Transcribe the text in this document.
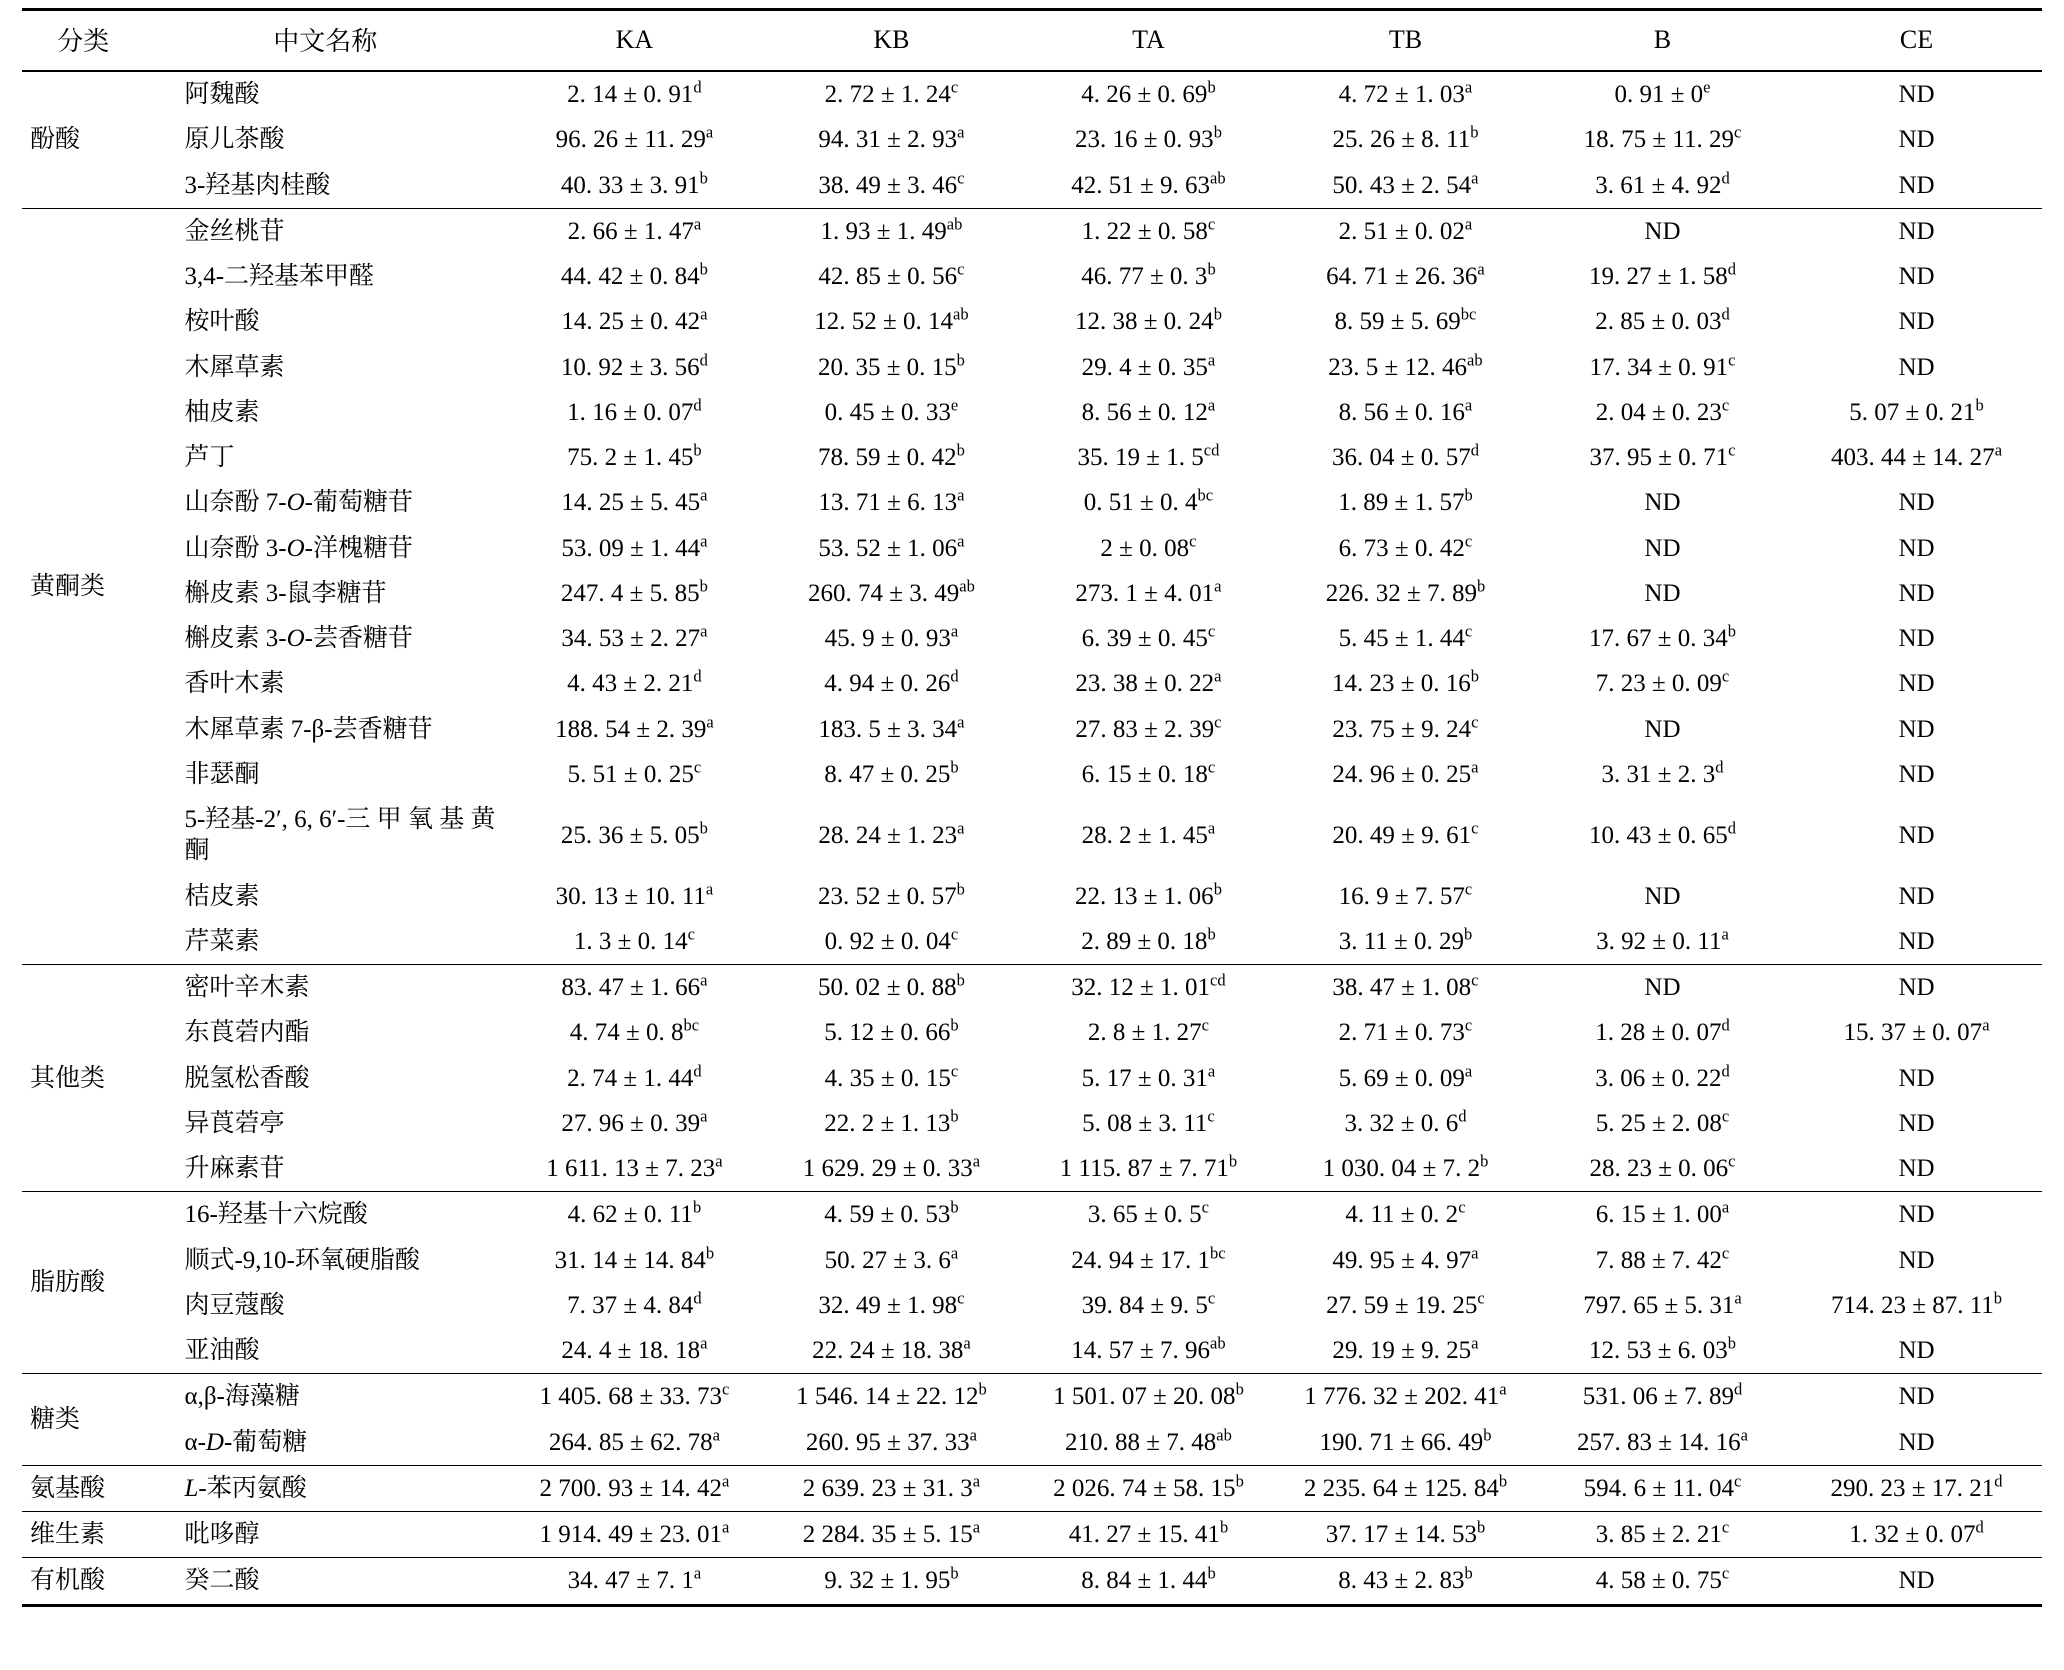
分类	中文名称	KA	KB	TA	TB	B	CE
酚酸	阿魏酸	2. 14 ± 0. 91$^d$	2. 72 ± 1. 24$^c$	4. 26 ± 0. 69$^b$	4. 72 ± 1. 03$^a$	0. $91 \pm 0^e$	ND
	原儿茶酸	96. 26 ± 11. 29$^a$	94. 31 ± 2. 93$^a$	23. 16 ± 0. 93$^b$	25. 26 ± 8. 11$^b$	18. 75 ± 11. 29$^c$	ND
	3-羟基肉桂酸	40. 33 ± 3. 91$^b$	38. 49 ± 3. 46$^c$	42. 51 ± 9. $63^{ab}$	50. 43 ± 2. 54$^a$	3. 61 ± 4. 92$^d$	ND
黄酮类	金丝桃苷	2. 66 ± 1. 47$^a$	1. 93 ± 1. $49^{ab}$	1. 22 ± 0. 58$^c$	2. 51 ± 0. 02$^a$	ND	ND
	3,4-二羟基苯甲醛	44. 42 ± 0. 84$^b$	42. 85 ± 0. 56$^c$	46. 77 ± 0. 3$^b$	64. 71 ± 26. 36$^a$	19. 27 ± 1. 58$^d$	ND
	桉叶酸	14. 25 ± 0. 42$^a$	12. 52 ± 0. $14^{ab}$	12. 38 ± 0. 24$^b$	8. 59 ± 5. $69^{bc}$	2. 85 ± 0. 03$^d$	ND
	木犀草素	10. 92 ± 3. 56$^d$	20. 35 ± 0. 15$^b$	29. 4 ± 0. 35$^a$	23. 5 ± 12. $46^{ab}$	17. 34 ± 0. 91$^c$	ND
	柚皮素	1. 16 ± 0. 07$^d$	0. 45 ± 0. 33e	8. 56 ± 0. 12$^a$	8. 56 ± 0. 16$^a$	2. 04 ± 0. 23$^c$	5. 07 ± 0. 21$^b$
	芦丁	75. 2 ± 1. 45$^b$	78. 59 ± 0. 42$^b$	35. 19 ± 1. $5^{cd}$	36. 04 ± 0. 57$^d$	37. 95 ± 0. 71$^c$	403. 44 ± 14. 27$^a$
	山奈酚 7-O-葡萄糖苷	14. 25 ± 5. 45$^a$	13. 71 ± 6. 13$^a$	0. 51 ± 0. $4^{bc}$	1. 89 ± 1. 57$^b$	ND	ND
	山奈酚 3-O-洋槐糖苷	53. 09 ± 1. 44$^a$	53. 52 ± 1. 06$^a$	2 ± 0. 08$^c$	6. 73 ± 0. 42$^c$	ND	ND
	槲皮素 3-鼠李糖苷	247. 4 ± 5. 85$^b$	260. 74 ± 3. $49^{ab}$	273. 1 ± 4. 01$^a$	226. 32 ± 7. 89$^b$	ND	ND
	槲皮素 3-O-芸香糖苷	34. 53 ± 2. 27$^a$	45. 9 ± 0. 93$^a$	6. 39 ± 0. 45$^c$	5. 45 ± 1. 44$^c$	17. 67 ± 0. 34$^b$	ND
	香叶木素	4. 43 ± 2. 21$^d$	4. 94 ± 0. 26$^d$	23. 38 ± 0. 22$^a$	14. 23 ± 0. 16$^b$	7. 23 ± 0. 09$^c$	ND
	木犀草素 7-β-芸香糖苷	188. 54 ± 2. 39$^a$	183. 5 ± 3. 34$^a$	27. 83 ± 2. 39$^c$	23. 75 ± 9. 24$^c$	ND	ND
	非瑟酮	5. 51 ± 0. 25$^c$	8. 47 ± 0. 25$^b$	6. 15 ± 0. 18$^c$	24. 96 ± 0. 25$^a$	3. 31 ± 2. 3$^d$	ND
	5-羟基-2′, 6, 6′-三 甲 氧 基 黄酮	25. 36 ± 5. 05$^b$	28. 24 ± 1. 23$^a$	28. 2 ± 1. 45$^a$	20. 49 ± 9. 61$^c$	10. 43 ± 0. 65$^d$	ND
	桔皮素	30. 13 ± 10. 11$^a$	23. 52 ± 0. 57$^b$	22. 13 ± 1. 06$^b$	16. 9 ± 7. 57$^c$	ND	ND
	芹菜素	1. 3 ± 0. 14$^c$	0. 92 ± 0. 04$^c$	2. 89 ± 0. 18$^b$	3. 11 ± 0. 29$^b$	3. 92 ± 0. 11$^a$	ND
其他类	密叶辛木素	83. 47 ± 1. 66$^a$	50. 02 ± 0. 88$^b$	32. 12 ± 1. $01^{cd}$	38. 47 ± 1. 08$^c$	ND	ND
	东莨菪内酯	4. 74 ± 0. $8^{bc}$	5. 12 ± 0. 66$^b$	2. 8 ± 1. 27$^c$	2. 71 ± 0. 73$^c$	1. 28 ± 0. 07$^d$	15. 37 ± 0. 07$^a$
	脱氢松香酸	2. 74 ± 1. 44$^d$	4. 35 ± 0. 15$^c$	5. 17 ± 0. 31$^a$	5. 69 ± 0. 09$^a$	3. 06 ± 0. 22$^d$	ND
	异莨菪亭	27. 96 ± 0. 39$^a$	22. 2 ± 1. 13$^b$	5. 08 ± 3. 11$^c$	3. 32 ± 0. 6$^d$	5. 25 ± 2. 08$^c$	ND
	升麻素苷	1 611. 13 ± 7. 23$^a$	1 629. 29 ± 0. 33$^a$	1 115. 87 ± 7. 71$^b$	1 030. 04 ± 7. 2$^b$	28. 23 ± 0. 06$^c$	ND
脂肪酸	16-羟基十六烷酸	4. 62 ± 0. 11$^b$	4. 59 ± 0. 53$^b$	3. 65 ± 0. 5$^c$	4. 11 ± 0. 2$^c$	6. 15 ± 1. 00$^a$	ND
	顺式-9,10-环氧硬脂酸	31. 14 ± 14. 84$^b$	50. 27 ± 3. 6$^a$	24. 94 ± 17. $1^{bc}$	49. 95 ± 4. 97$^a$	7. 88 ± 7. 42$^c$	ND
	肉豆蔻酸	7. 37 ± 4. 84$^d$	32. 49 ± 1. 98$^c$	39. 84 ± 9. 5$^c$	27. 59 ± 19. 25$^c$	797. 65 ± 5. 31$^a$	714. 23 ± 87. 11$^b$
	亚油酸	24. 4 ± 18. 18$^a$	22. 24 ± 18. 38$^a$	14. 57 ± 7. $96^{ab}$	29. 19 ± 9. 25$^a$	12. 53 ± 6. 03$^b$	ND
糖类	α,β-海藻糖	1 405. 68 ± 33. 73$^c$	1 546. 14 ± 22. 12$^b$	1 501. 07 ± 20. 08$^b$	1 776. 32 ± 202. 41$^a$	531. 06 ± 7. 89$^d$	ND
	α-D-葡萄糖	264. 85 ± 62. 78$^a$	260. 95 ± 37. 33$^a$	210. 88 ± 7. $48^{ab}$	190. 71 ± 66. 49$^b$	257. 83 ± 14. 16$^a$	ND
氨基酸	L-苯丙氨酸	2 700. 93 ± 14. 42$^a$	2 639. 23 ± 31. 3$^a$	2 026. 74 ± 58. 15$^b$	2 235. 64 ± 125. 84$^b$	594. 6 ± 11. 04$^c$	290. 23 ± 17. 21$^d$
维生素	吡哆醇	1 914. 49 ± 23. 01$^a$	2 284. 35 ± 5. 15$^a$	41. 27 ± 15. 41$^b$	37. 17 ± 14. 53$^b$	3. 85 ± 2. 21$^c$	1. 32 ± 0. 07$^d$
有机酸	癸二酸	34. 47 ± 7. 1$^a$	9. 32 ± 1. 95$^b$	8. 84 ± 1. 44$^b$	8. 43 ± 2. 83$^b$	4. 58 ± 0. 75$^c$	ND
